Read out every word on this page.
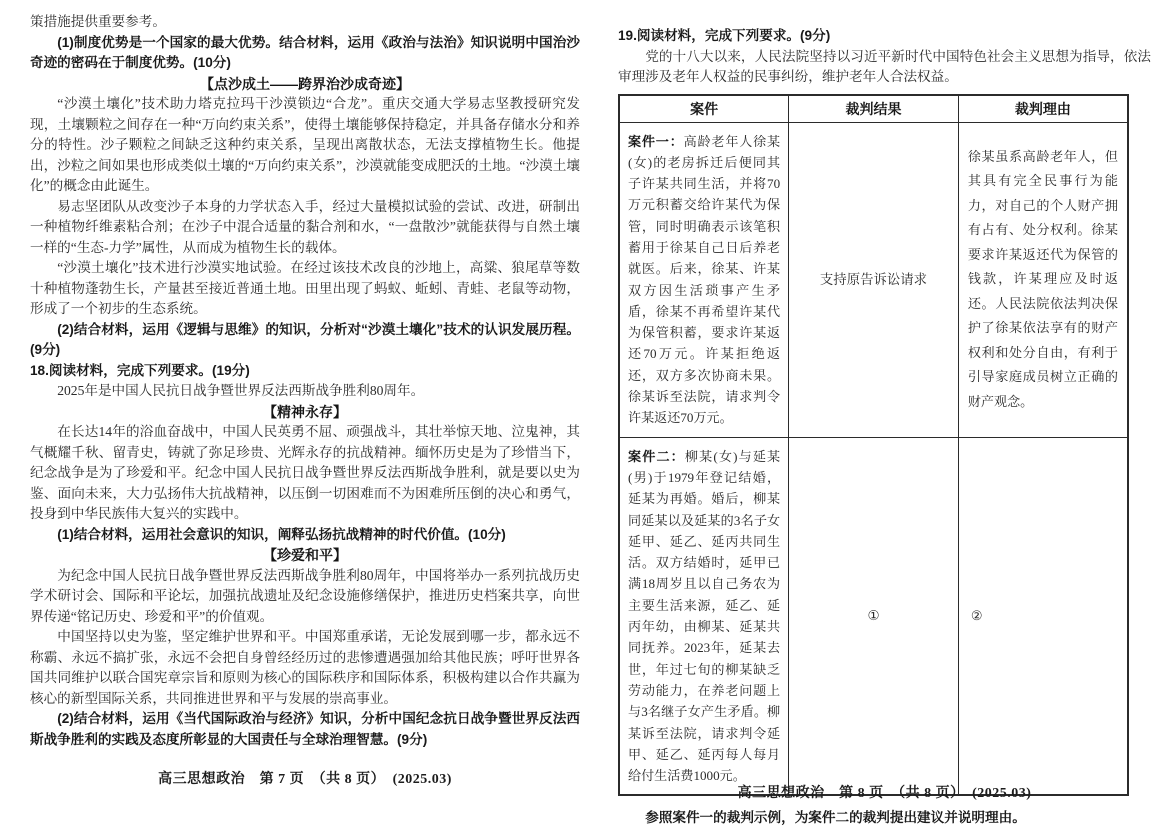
策措施提供重要参考。

(1)制度优势是一个国家的最大优势。结合材料，运用《政治与法治》知识说明中国治沙奇迹的密码在于制度优势。(10分)

【点沙成土——跨界治沙成奇迹】

“沙漠土壤化”技术助力塔克拉玛干沙漠锁边“合龙”。重庆交通大学易志坚教授研究发现，土壤颗粒之间存在一种“万向约束关系”，使得土壤能够保持稳定，并具备存储水分和养分的特性。沙子颗粒之间缺乏这种约束关系，呈现出离散状态，无法支撑植物生长。他提出，沙粒之间如果也形成类似土壤的“万向约束关系”，沙漠就能变成肥沃的土地。“沙漠土壤化”的概念由此诞生。

易志坚团队从改变沙子本身的力学状态入手，经过大量模拟试验的尝试、改进，研制出一种植物纤维素粘合剂；在沙子中混合适量的黏合剂和水，“一盘散沙”就能获得与自然土壤一样的“生态-力学”属性，从而成为植物生长的载体。

“沙漠土壤化”技术进行沙漠实地试验。在经过该技术改良的沙地上，高粱、狼尾草等数十种植物蓬勃生长，产量甚至接近普通土地。田里出现了蚂蚁、蚯蚓、青蛙、老鼠等动物，形成了一个初步的生态系统。

(2)结合材料，运用《逻辑与思维》的知识，分析对“沙漠土壤化”技术的认识发展历程。(9分)

18.阅读材料，完成下列要求。(19分)

2025年是中国人民抗日战争暨世界反法西斯战争胜利80周年。

【精神永存】

在长达14年的浴血奋战中，中国人民英勇不屈、顽强战斗，其壮举惊天地、泣鬼神，其气概耀千秋、留青史，铸就了弥足珍贵、光辉永存的抗战精神。缅怀历史是为了珍惜当下，纪念战争是为了珍爱和平。纪念中国人民抗日战争暨世界反法西斯战争胜利，就是要以史为鉴、面向未来，大力弘扬伟大抗战精神，以压倒一切困难而不为困难所压倒的决心和勇气，投身到中华民族伟大复兴的实践中。

(1)结合材料，运用社会意识的知识，阐释弘扬抗战精神的时代价值。(10分)

【珍爱和平】

为纪念中国人民抗日战争暨世界反法西斯战争胜利80周年，中国将举办一系列抗战历史学术研讨会、国际和平论坛，加强抗战遗址及纪念设施修缮保护，推进历史档案共享，向世界传递“铭记历史、珍爱和平”的价值观。

中国坚持以史为鉴，坚定维护世界和平。中国郑重承诺，无论发展到哪一步，都永远不称霸、永远不搞扩张，永远不会把自身曾经经历过的悲惨遭遇强加给其他民族；呼吁世界各国共同维护以联合国宪章宗旨和原则为核心的国际秩序和国际体系，积极构建以合作共赢为核心的新型国际关系，共同推进世界和平与发展的崇高事业。

(2)结合材料，运用《当代国际政治与经济》知识，分析中国纪念抗日战争暨世界反法西斯战争胜利的实践及态度所彰显的大国责任与全球治理智慧。(9分)

高三思想政治　第 7 页　（共 8 页）　(2025.03)

19.阅读材料，完成下列要求。(9分)

党的十八大以来，人民法院坚持以习近平新时代中国特色社会主义思想为指导，依法审理涉及老年人权益的民事纠纷，维护老年人合法权益。

案件	裁判结果	裁判理由
案件一：高龄老年人徐某(女)的老房拆迁后便同其子许某共同生活，并将70万元积蓄交给许某代为保管，同时明确表示该笔积蓄用于徐某自己日后养老就医。后来，徐某、许某双方因生活琐事产生矛盾，徐某不再希望许某代为保管积蓄，要求许某返还70万元。许某拒绝返还，双方多次协商未果。徐某诉至法院，请求判令许某返还70万元。	支持原告诉讼请求	徐某虽系高龄老年人，但其具有完全民事行为能力，对自己的个人财产拥有占有、处分权利。徐某要求许某返还代为保管的钱款，许某理应及时返还。人民法院依法判决保护了徐某依法享有的财产权利和处分自由，有利于引导家庭成员树立正确的财产观念。
案件二：柳某(女)与延某(男)于1979年登记结婚，延某为再婚。婚后，柳某同延某以及延某的3名子女延甲、延乙、延丙共同生活。双方结婚时，延甲已满18周岁且以自己务农为主要生活来源，延乙、延丙年幼，由柳某、延某共同抚养。2023年，延某去世，年过七旬的柳某缺乏劳动能力，在养老问题上与3名继子女产生矛盾。柳某诉至法院，请求判令延甲、延乙、延丙每人每月给付生活费1000元。	①	②

参照案件一的裁判示例，为案件二的裁判提出建议并说明理由。

高三思想政治　第 8 页　（共 8 页）　(2025.03)
